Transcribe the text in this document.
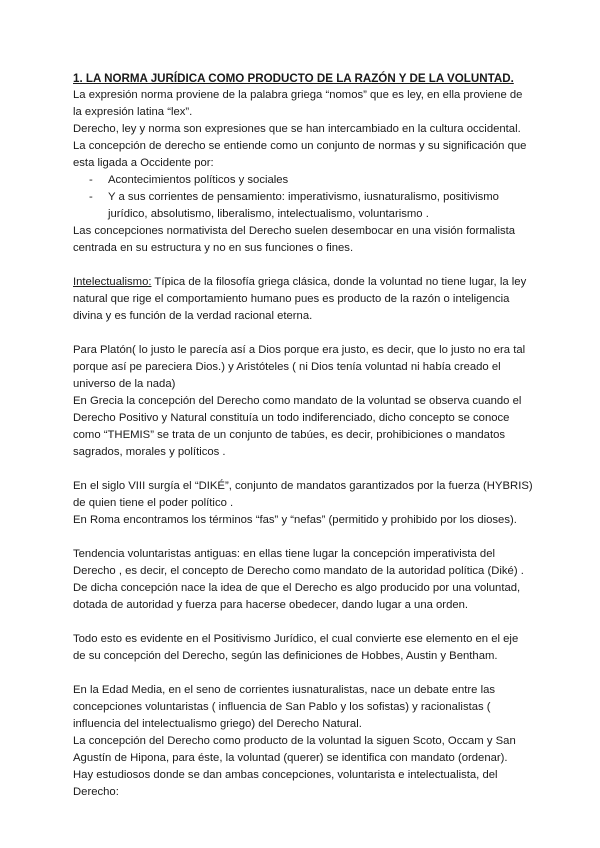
1. LA NORMA JURÍDICA COMO PRODUCTO DE LA RAZÓN Y DE LA VOLUNTAD.

La expresión norma proviene de la palabra griega “nomos” que es ley, en ella proviene de la expresión latina “lex”.

Derecho, ley y norma son expresiones que se han intercambiado en la cultura occidental. La concepción de derecho se entiende como un conjunto de normas y su significación que esta ligada a Occidente por:

- Acontecimientos políticos y sociales
- Y a sus corrientes de pensamiento: imperativismo, iusnaturalismo, positivismo jurídico, absolutismo, liberalismo, intelectualismo, voluntarismo .

Las concepciones normativista del Derecho suelen desembocar en una visión formalista centrada en su estructura y no en sus funciones o fines.

Intelectualismo: Típica de la filosofía griega clásica, donde la voluntad no tiene lugar, la ley natural que rige el comportamiento humano pues es producto de la razón o inteligencia divina y es función de la verdad racional eterna.

Para Platón( lo justo le parecía así a Dios porque era justo, es decir, que lo justo no era tal porque así pe pareciera Dios.) y Aristóteles ( ni Dios tenía voluntad ni había creado el universo de la nada)

En Grecia la concepción del Derecho como mandato de la voluntad se observa cuando el Derecho Positivo y Natural constituía un todo indiferenciado, dicho concepto se conoce como “THEMIS” se trata de un conjunto de tabúes, es decir, prohibiciones o mandatos sagrados, morales y políticos .

En el siglo VIII surgía el “DIKÉ”, conjunto de mandatos garantizados por la fuerza (HYBRIS) de quien tiene el poder político .

En Roma encontramos los términos “fas” y “nefas” (permitido y prohibido por los dioses).

Tendencia voluntaristas antiguas: en ellas tiene lugar la concepción imperativista del Derecho , es decir, el concepto de Derecho como mandato de la autoridad política (Diké) . De dicha concepción nace la idea de que el Derecho es algo producido por una voluntad, dotada de autoridad y fuerza para hacerse obedecer, dando lugar a una orden.

Todo esto es evidente en el Positivismo Jurídico, el cual convierte ese elemento en el eje de su concepción del Derecho, según las definiciones de Hobbes, Austin y Bentham.

En la Edad Media, en el seno de corrientes iusnaturalistas, nace un debate entre las concepciones voluntaristas ( influencia de San Pablo y los sofistas) y racionalistas ( influencia del intelectualismo griego) del Derecho Natural.

La concepción del Derecho como producto de la voluntad la siguen Scoto, Occam y San Agustín de Hipona, para éste, la voluntad (querer) se identifica con mandato (ordenar).

Hay estudiosos donde se dan ambas concepciones, voluntarista e intelectualista, del Derecho:
